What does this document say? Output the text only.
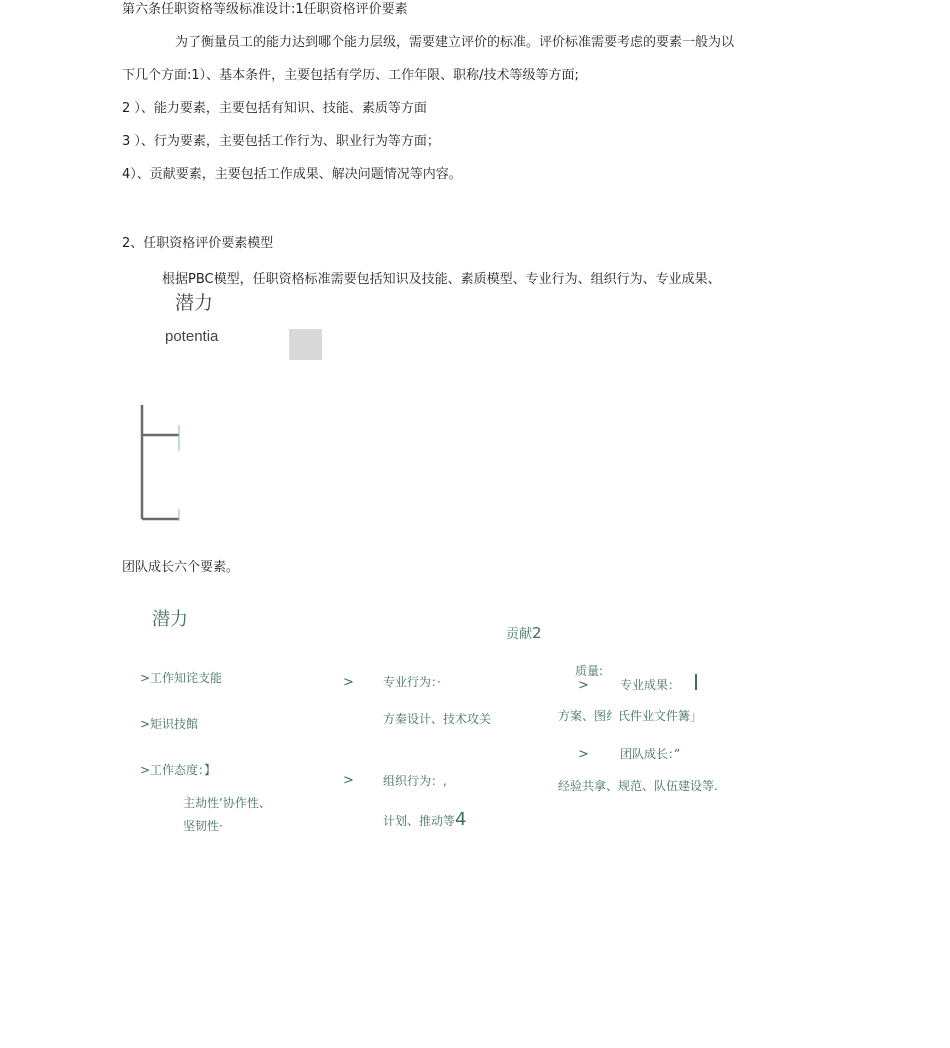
第六条任职资格等级标准设计:1任职资格评价要素
为了衡量员工的能力达到哪个能力层级，需要建立评价的标准。评价标准需要考虑的要素一般为以
下几个方面:1）、基本条件，主要包括有学历、工作年限、职称/技术等级等方面;
2 ）、能力要素，主要包括有知识、技能、素质等方面
3 ）、行为要素，主要包括工作行为、职业行为等方面；
4）、贡献要素，主要包括工作成果、解决问题情况等内容。
2、任职资格评价要素模型
根据PBC模型，任职资格标准需要包括知识及技能、素质模型、专业行为、组织行为、专业成果、
潜力
potentia
团队成长六个要素。
潜力
贡献2
>工作知诧支能
>矩识技館
>工作态度：】
主劫性’协作性、
坚韧性·
>
>
专业行为：·
方秦设计、技术攻关
组织行为：,
计划、推动等4
质量:
>	专业成果：
方案、图纟氏件业文件篝」
>	团队成长：”
经验共拿、规范、队伍建设等.
